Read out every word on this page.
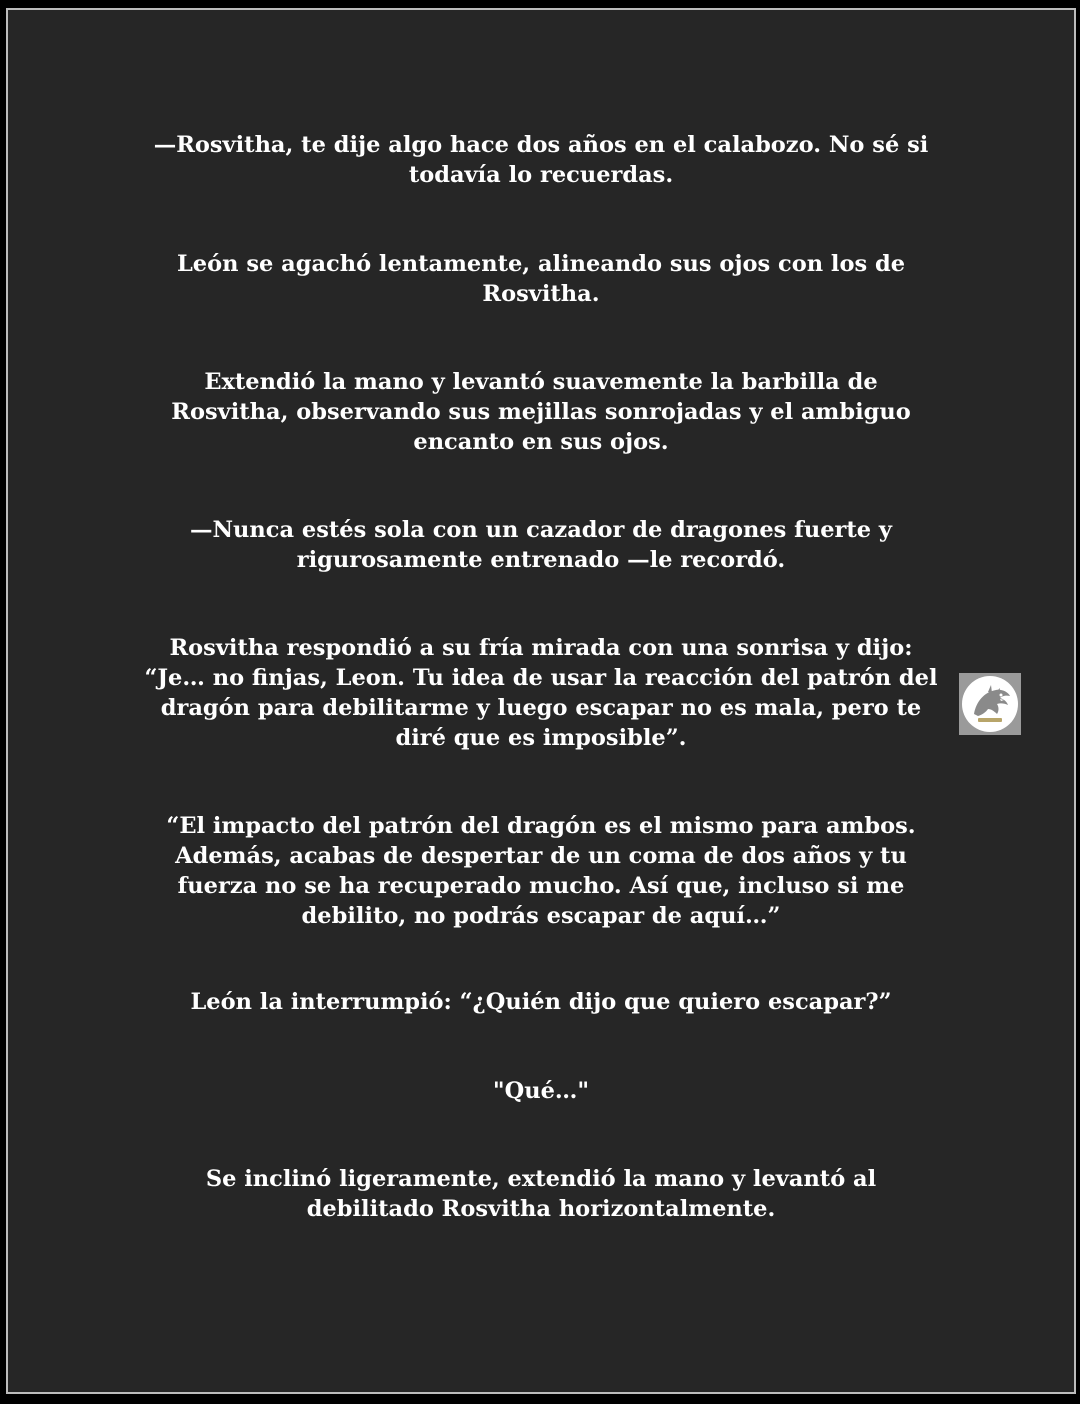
—Rosvitha, te dije algo hace dos años en el calabozo. No sé si
todavía lo recuerdas.
León se agachó lentamente, alineando sus ojos con los de
Rosvitha.
Extendió la mano y levantó suavemente la barbilla de
Rosvitha, observando sus mejillas sonrojadas y el ambiguo
encanto en sus ojos.
—Nunca estés sola con un cazador de dragones fuerte y
rigurosamente entrenado —le recordó.
Rosvitha respondió a su fría mirada con una sonrisa y dijo:
“Je… no finjas, Leon. Tu idea de usar la reacción del patrón del
dragón para debilitarme y luego escapar no es mala, pero te
diré que es imposible”.
“El impacto del patrón del dragón es el mismo para ambos.
Además, acabas de despertar de un coma de dos años y tu
fuerza no se ha recuperado mucho. Así que, incluso si me
debilito, no podrás escapar de aquí…”
León la interrumpió: “¿Quién dijo que quiero escapar?”
"Qué…"
Se inclinó ligeramente, extendió la mano y levantó al
debilitado Rosvitha horizontalmente.
